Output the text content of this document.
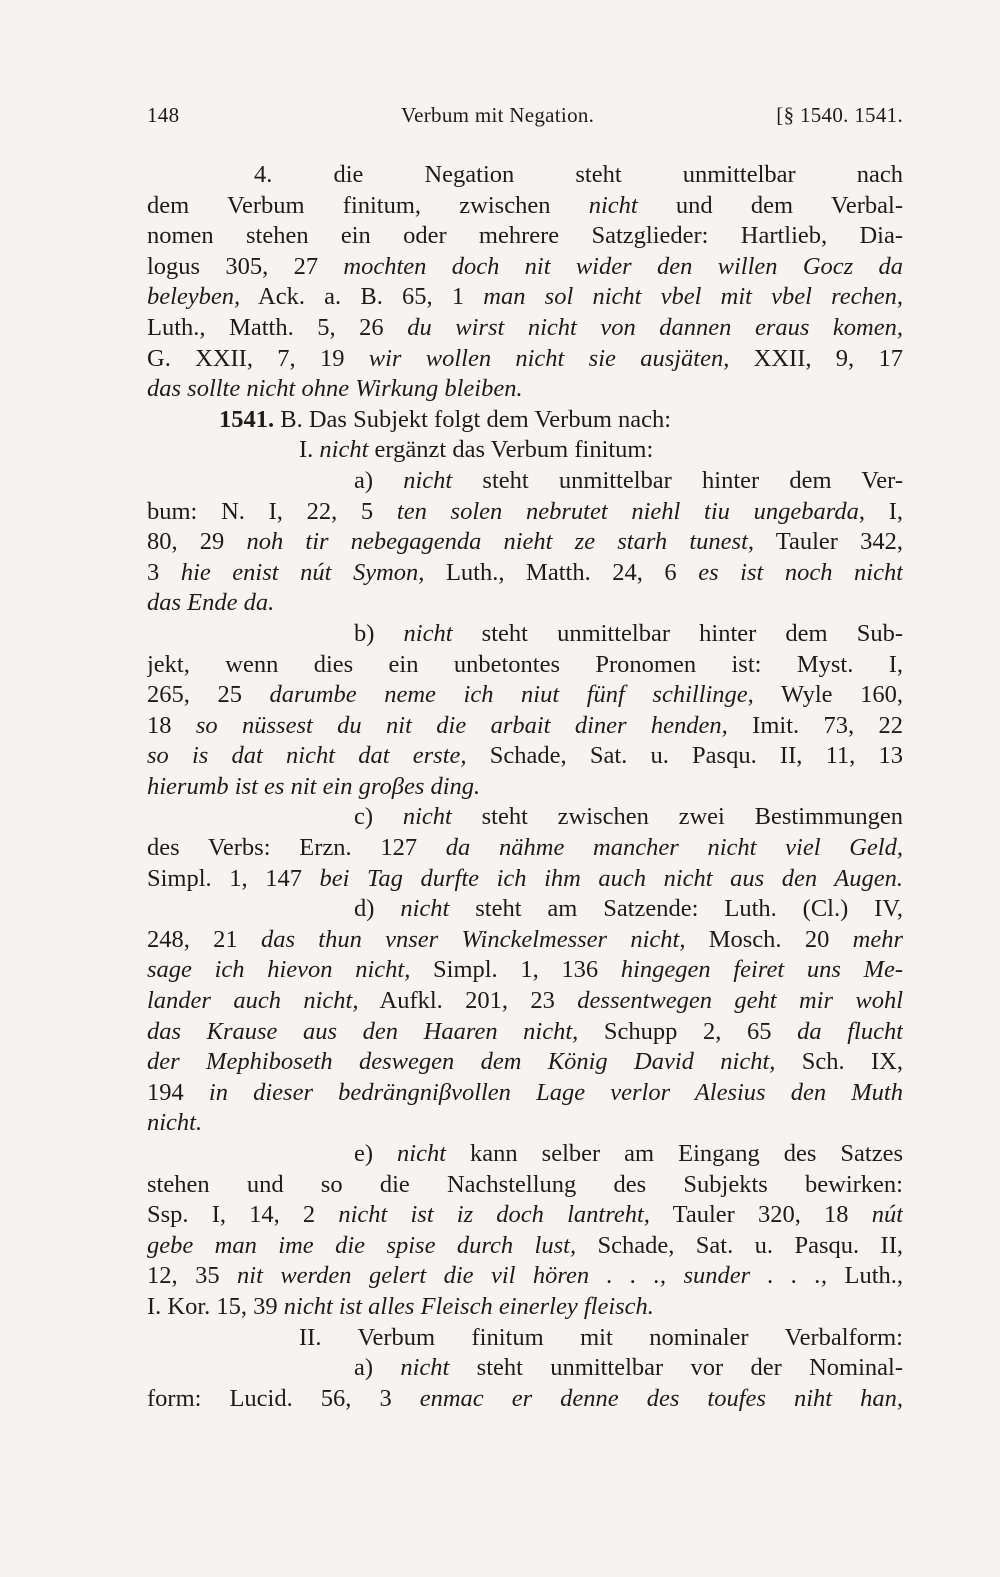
148	Verbum mit Negation.	[§ 1540. 1541.
4. die Negation steht unmittelbar nach
dem Verbum finitum, zwischen nicht und dem Verbal-
nomen stehen ein oder mehrere Satzglieder: Hartlieb, Dia-
logus 305, 27 mochten doch nit wider den willen Gocz da
beleyben, Ack. a. B. 65, 1 man sol nicht vbel mit vbel rechen,
Luth., Matth. 5, 26 du wirst nicht von dannen eraus komen,
G. XXII, 7, 19 wir wollen nicht sie ausjäten, XXII, 9, 17
das sollte nicht ohne Wirkung bleiben.
1541. B. Das Subjekt folgt dem Verbum nach:
I. nicht ergänzt das Verbum finitum:
a) nicht steht unmittelbar hinter dem Ver-
bum: N. I, 22, 5 ten solen nebrutet niehl tiu ungebarda, I,
80, 29 noh tir nebegagenda nieht ze starh tunest, Tauler 342,
3 hie enist nút Symon, Luth., Matth. 24, 6 es ist noch nicht
das Ende da.
b) nicht steht unmittelbar hinter dem Sub-
jekt, wenn dies ein unbetontes Pronomen ist: Myst. I,
265, 25 darumbe neme ich niut fünf schillinge, Wyle 160,
18 so nüssest du nit die arbait diner henden, Imit. 73, 22
so is dat nicht dat erste, Schade, Sat. u. Pasqu. II, 11, 13
hierumb ist es nit ein groβes ding.
c) nicht steht zwischen zwei Bestimmungen
des Verbs: Erzn. 127 da nähme mancher nicht viel Geld,
Simpl. 1, 147 bei Tag durfte ich ihm auch nicht aus den Augen.
d) nicht steht am Satzende: Luth. (Cl.) IV,
248, 21 das thun vnser Winckelmesser nicht, Mosch. 20 mehr
sage ich hievon nicht, Simpl. 1, 136 hingegen feiret uns Me-
lander auch nicht, Aufkl. 201, 23 dessentwegen geht mir wohl
das Krause aus den Haaren nicht, Schupp 2, 65 da flucht
der Mephiboseth deswegen dem König David nicht, Sch. IX,
194 in dieser bedrängniβvollen Lage verlor Alesius den Muth
nicht.
e) nicht kann selber am Eingang des Satzes
stehen und so die Nachstellung des Subjekts bewirken:
Ssp. I, 14, 2 nicht ist iz doch lantreht, Tauler 320, 18 nút
gebe man ime die spise durch lust, Schade, Sat. u. Pasqu. II,
12, 35 nit werden gelert die vil hören . . ., sunder . . ., Luth.,
I. Kor. 15, 39 nicht ist alles Fleisch einerley fleisch.
II. Verbum finitum mit nominaler Verbalform:
a) nicht steht unmittelbar vor der Nominal-
form: Lucid. 56, 3 enmac er denne des toufes niht han,
